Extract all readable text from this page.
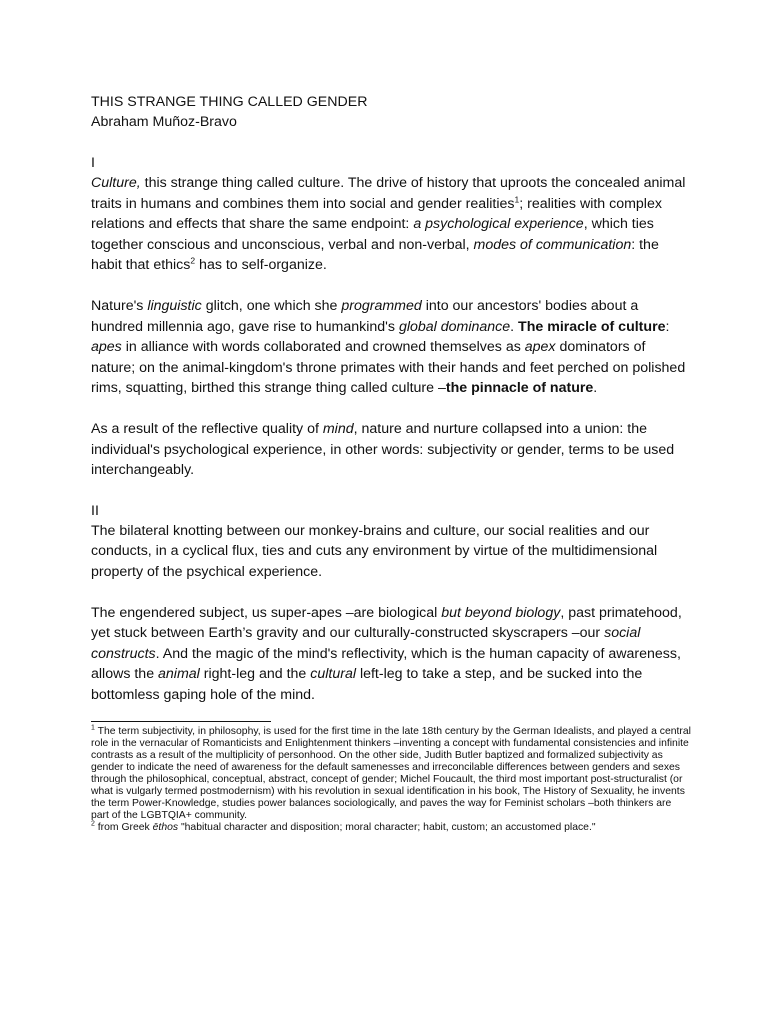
THIS STRANGE THING CALLED GENDER

Abraham Muñoz-Bravo

I

Culture, this strange thing called culture. The drive of history that uproots the concealed animal traits in humans and combines them into social and gender realities$^1$; realities with complex relations and effects that share the same endpoint: a psychological experience, which ties together conscious and unconscious, verbal and non-verbal, modes of communication: the habit that ethics$^2$ has to self-organize.

Nature's linguistic glitch, one which she programmed into our ancestors' bodies about a hundred millennia ago, gave rise to humankind's global dominance. The miracle of culture: apes in alliance with words collaborated and crowned themselves as apex dominators of nature; on the animal-kingdom's throne primates with their hands and feet perched on polished rims, squatting, birthed this strange thing called culture –the pinnacle of nature.

As a result of the reflective quality of mind, nature and nurture collapsed into a union: the individual's psychological experience, in other words: subjectivity or gender, terms to be used interchangeably.

II

The bilateral knotting between our monkey-brains and culture, our social realities and our conducts, in a cyclical flux, ties and cuts any environment by virtue of the multidimensional property of the psychical experience.

The engendered subject, us super-apes –are biological but beyond biology, past primatehood, yet stuck between Earth’s gravity and our culturally-constructed skyscrapers –our social constructs. And the magic of the mind's reflectivity, which is the human capacity of awareness, allows the animal right-leg and the cultural left-leg to take a step, and be sucked into the bottomless gaping hole of the mind.

$^1$ The term subjectivity, in philosophy, is used for the first time in the late 18th century by the German Idealists, and played a central role in the vernacular of Romanticists and Enlightenment thinkers –inventing a concept with fundamental consistencies and infinite contrasts as a result of the multiplicity of personhood. On the other side, Judith Butler baptized and formalized subjectivity as gender to indicate the need of awareness for the default samenesses and irreconcilable differences between genders and sexes through the philosophical, conceptual, abstract, concept of gender; Michel Foucault, the third most important post-structuralist (or what is vulgarly termed postmodernism) with his revolution in sexual identification in his book, The History of Sexuality, he invents the term Power-Knowledge, studies power balances sociologically, and paves the way for Feminist scholars –both thinkers are part of the LGBTQIA+ community.

$^2$ from Greek ēthos "habitual character and disposition; moral character; habit, custom; an accustomed place."
